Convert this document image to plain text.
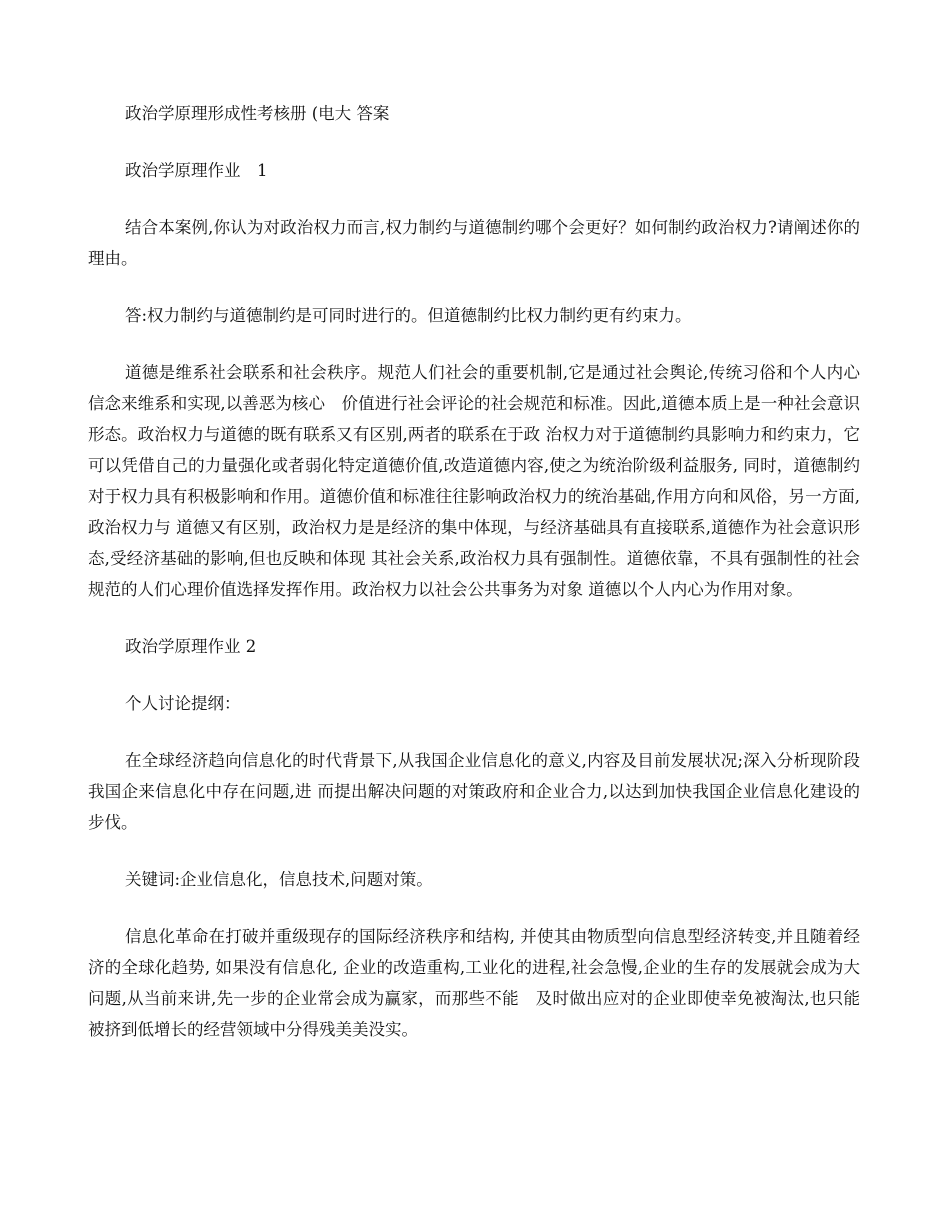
政治学原理形成性考核册 (电大 答案

政治学原理作业　1

结合本案例,你认为对政治权力而言,权力制约与道德制约哪个会更好？如何制约政治权力?请阐述你的理由。

答:权力制约与道德制约是可同时进行的。但道德制约比权力制约更有约束力。

道德是维系社会联系和社会秩序。规范人们社会的重要机制,它是通过社会舆论,传统习俗和个人内心信念来维系和实现,以善恶为核心　价值进行社会评论的社会规范和标准。因此,道德本质上是一种社会意识形态。政治权力与道德的既有联系又有区别,两者的联系在于政 治权力对于道德制约具影响力和约束力，它可以凭借自己的力量强化或者弱化特定道德价值,改造道德内容,使之为统治阶级利益服务, 同时，道德制约对于权力具有积极影响和作用。道德价值和标准往往影响政治权力的统治基础,作用方向和风俗，另一方面,政治权力与 道德又有区别，政治权力是是经济的集中体现，与经济基础具有直接联系,道德作为社会意识形态,受经济基础的影响,但也反映和体现 其社会关系,政治权力具有强制性。道德依靠，不具有强制性的社会规范的人们心理价值选择发挥作用。政治权力以社会公共事务为对象 道德以个人内心为作用对象。

政治学原理作业 2

个人讨论提纲：

在全球经济趋向信息化的时代背景下,从我国企业信息化的意义,内容及目前发展状况;深入分析现阶段我国企来信息化中存在问题,进 而提出解决问题的对策政府和企业合力,以达到加快我国企业信息化建设的步伐。

关键词:企业信息化，信息技术,问题对策。

信息化革命在打破并重级现存的国际经济秩序和结构, 并使其由物质型向信息型经济转变,并且随着经济的全球化趋势, 如果没有信息化, 企业的改造重构,工业化的进程,社会急慢,企业的生存的发展就会成为大问题,从当前来讲,先一步的企业常会成为赢家，而那些不能　及时做出应对的企业即使幸免被淘汰,也只能被挤到低增长的经营领域中分得残美美没实。
